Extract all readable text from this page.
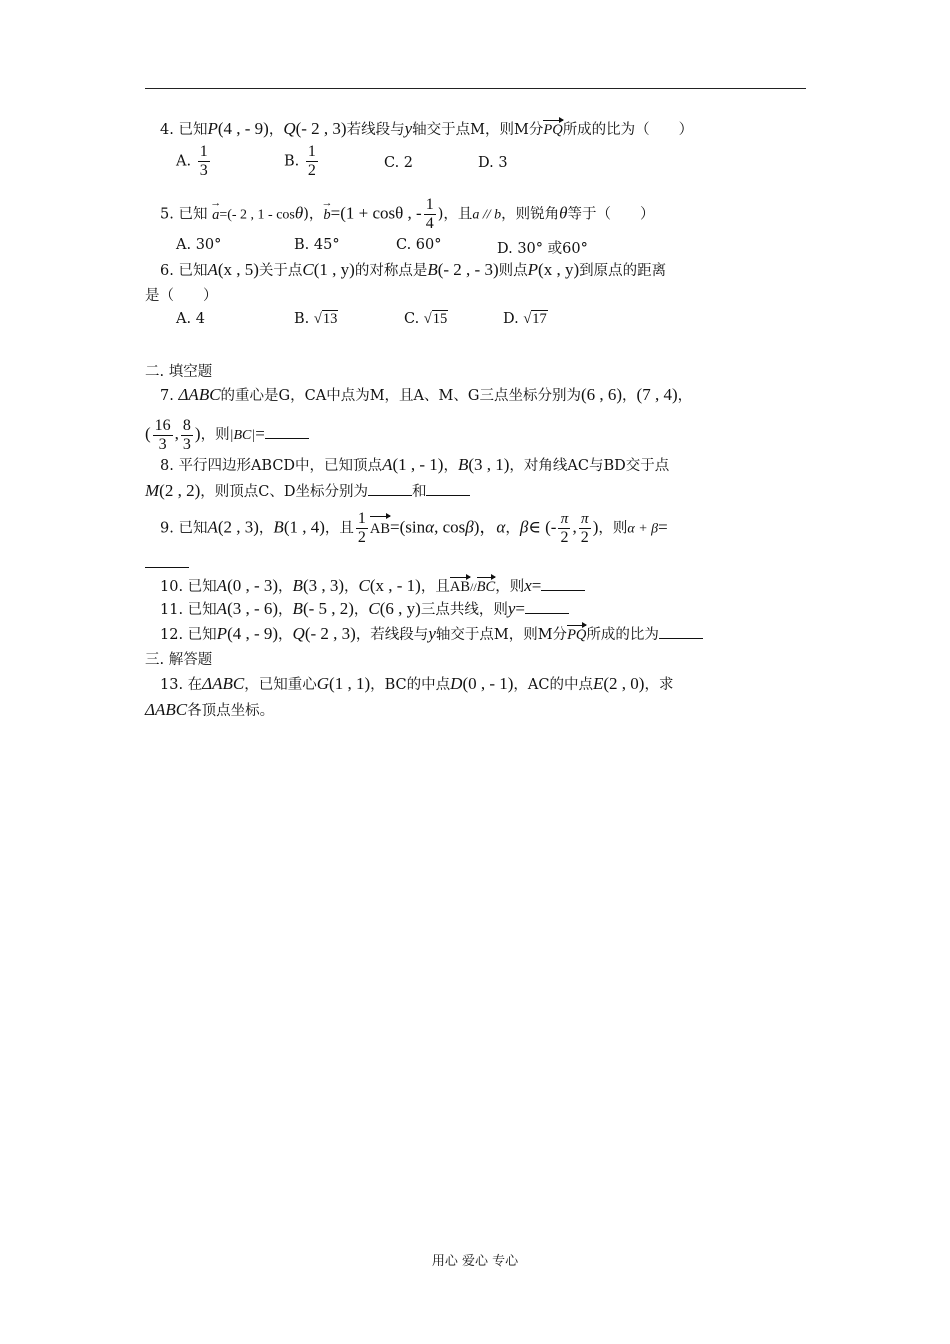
4. 已知P(4 , - 9)，Q(- 2 , 3)若线段与y轴交于点M，则M分PQ所成的比为（　　）
A. $\frac{1}{3}$	B. $\frac{1}{2}$	C. 2	D. 3
5. 已知 → a=(- 2 , 1 - cosθ)，→ b=(1 + cosθ , - $\frac{1}{4}$ )，且a // b，则锐角θ等于（　　）
A. 30°	B. 45°	C. 60°	D. 30° 或60°
6. 已知A(x , 5)关于点C(1 , y)的对称点是B(- 2 , - 3)则点P(x , y)到原点的距离
是（　　）
A. 4	B. √13	C. √15	D. √17
二. 填空题
7. ΔABC的重心是G，CA中点为M，且A、M、G三点坐标分别为(6 , 6)，(7 , 4)，
( $\frac{16}{3}$ , $\frac{8}{3}$ )，则|BC|=
8. 平行四边形ABCD中，已知顶点A(1 , - 1)，B(3 , 1)，对角线AC与BD交于点
M(2 , 2)，则顶点C、D坐标分别为	和
9. 已知A(2 , 3)，B(1 , 4)，且 $\frac{1}{2} AB=(\sin\alpha$, cosβ)，α，β∈ (- $\frac{\pi}{2}$ , $\frac{\pi}{2}$ )，则α + β=
10. 已知A(0 , - 3)，B(3 , 3)，C(x , - 1)，且AB//BC，则x=
11. 已知A(3 , - 6)，B(- 5 , 2)，C(6 , y)三点共线，则y=
12. 已知P(4 , - 9)，Q(- 2 , 3)，若线段与y轴交于点M，则M分PQ所成的比为
三. 解答题
13. 在ΔABC，已知重心G(1 , 1)，BC的中点D(0 , - 1)，AC的中点E(2 , 0)，求
ΔABC各顶点坐标。
用心 爱心 专心
